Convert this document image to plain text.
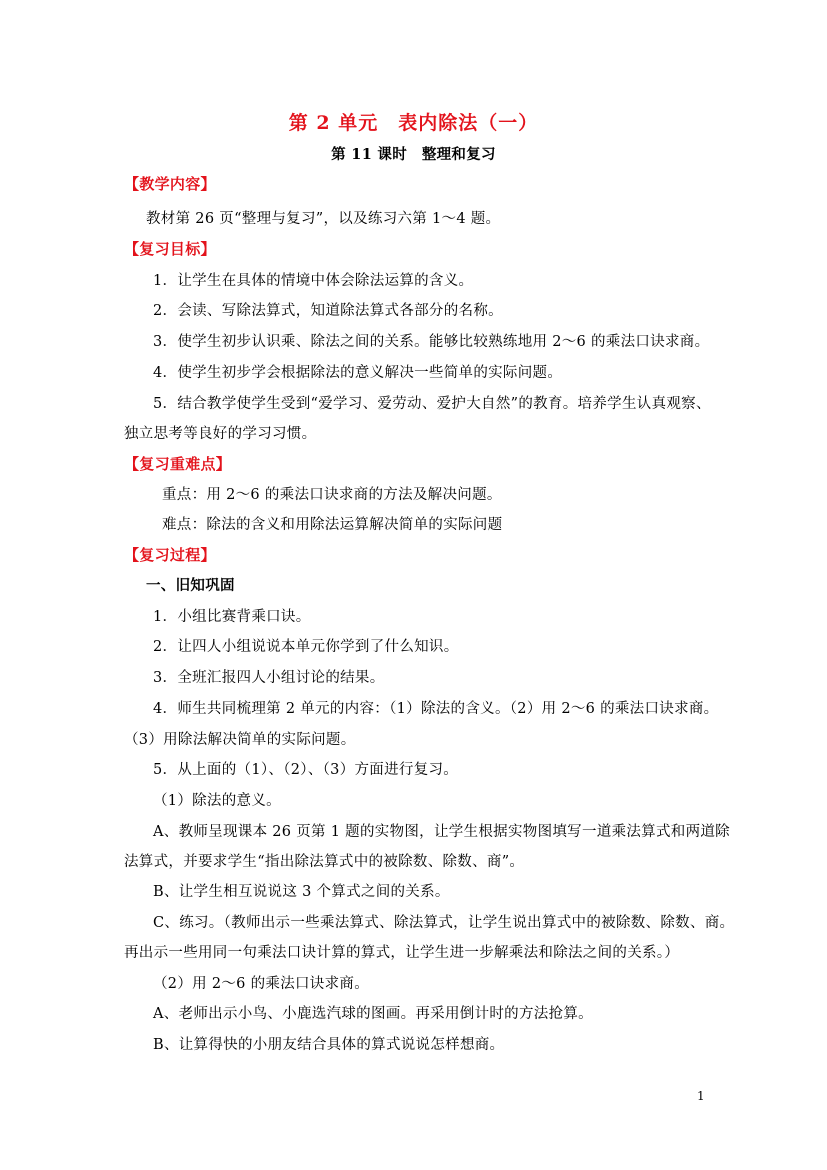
第 2 单元　表内除法（一）
第 11 课时　整理和复习
【教学内容】
教材第 26 页“整理与复习”，以及练习六第 1～4 题。
【复习目标】
1．让学生在具体的情境中体会除法运算的含义。
2．会读、写除法算式，知道除法算式各部分的名称。
3．使学生初步认识乘、除法之间的关系。能够比较熟练地用 2～6 的乘法口诀求商。
4．使学生初步学会根据除法的意义解决一些简单的实际问题。
5．结合教学使学生受到“爱学习、爱劳动、爱护大自然”的教育。培养学生认真观察、
独立思考等良好的学习习惯。
【复习重难点】
重点：用 2～6 的乘法口诀求商的方法及解决问题。
难点：除法的含义和用除法运算解决简单的实际问题
【复习过程】
一、旧知巩固
1．小组比赛背乘口诀。
2．让四人小组说说本单元你学到了什么知识。
3．全班汇报四人小组讨论的结果。
4．师生共同梳理第 2 单元的内容：（1）除法的含义。（2）用 2～6 的乘法口诀求商。
（3）用除法解决简单的实际问题。
5．从上面的（1）、（2）、（3）方面进行复习。
（1）除法的意义。
A、教师呈现课本 26 页第 1 题的实物图，让学生根据实物图填写一道乘法算式和两道除
法算式，并要求学生“指出除法算式中的被除数、除数、商”。
B、让学生相互说说这 3 个算式之间的关系。
C、练习。（教师出示一些乘法算式、除法算式，让学生说出算式中的被除数、除数、商。
再出示一些用同一句乘法口诀计算的算式，让学生进一步解乘法和除法之间的关系。）
（2）用 2～6 的乘法口诀求商。
A、老师出示小鸟、小鹿选汽球的图画。再采用倒计时的方法抢算。
B、让算得快的小朋友结合具体的算式说说怎样想商。
1
